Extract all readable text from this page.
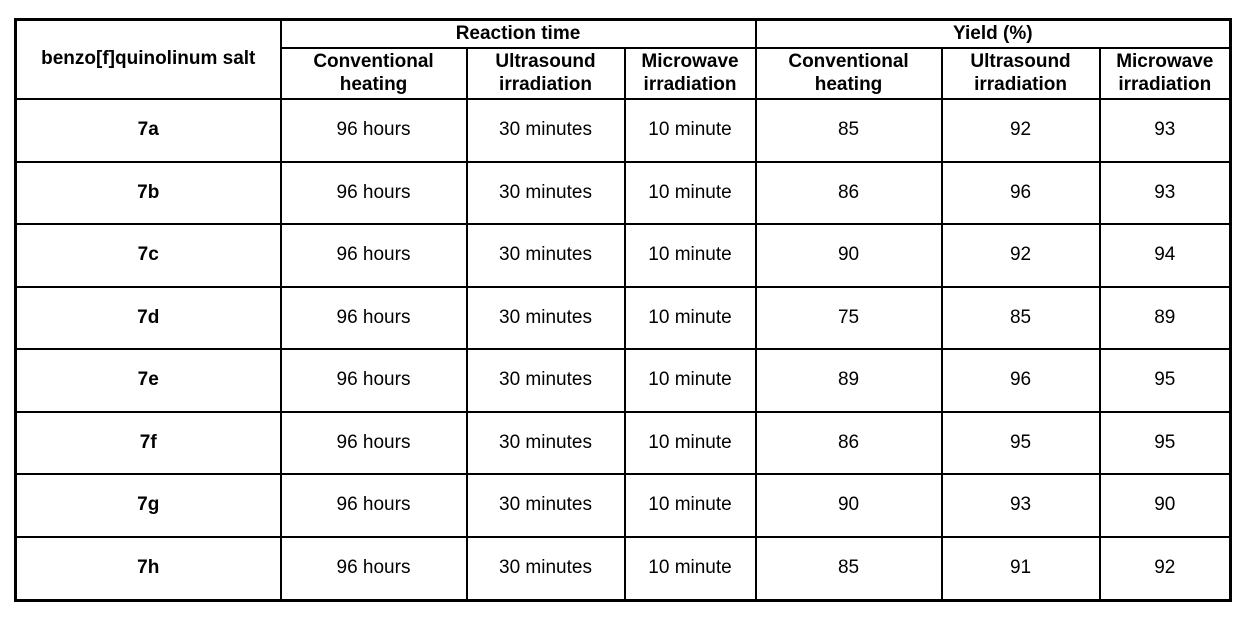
benzo[f]quinolinum salt	Reaction time			Yield (%)		
	Conventional heating	Ultrasound irradiation	Microwave irradiation	Conventional heating	Ultrasound irradiation	Microwave irradiation
7a	96 hours	30 minutes	10 minute	85	92	93
7b	96 hours	30 minutes	10 minute	86	96	93
7c	96 hours	30 minutes	10 minute	90	92	94
7d	96 hours	30 minutes	10 minute	75	85	89
7e	96 hours	30 minutes	10 minute	89	96	95
7f	96 hours	30 minutes	10 minute	86	95	95
7g	96 hours	30 minutes	10 minute	90	93	90
7h	96 hours	30 minutes	10 minute	85	91	92
